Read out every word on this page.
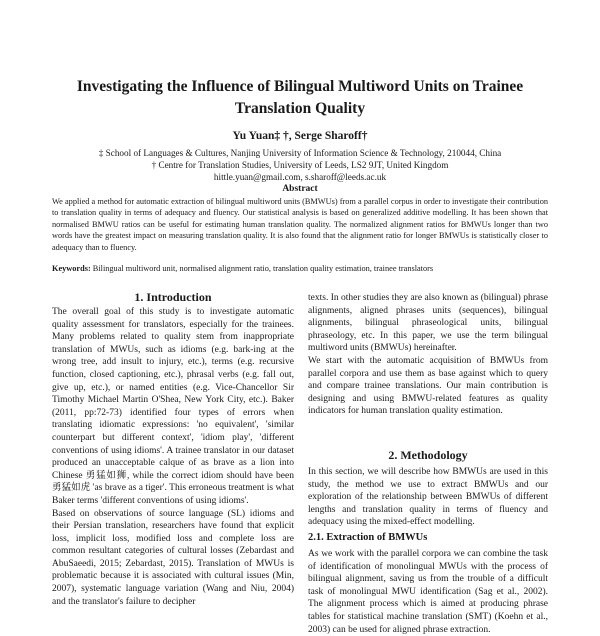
Investigating the Influence of Bilingual Multiword Units on Trainee Translation Quality
Yu Yuan‡ †, Serge Sharoff†
‡ School of Languages & Cultures, Nanjing University of Information Science & Technology, 210044, China
† Centre for Translation Studies, University of Leeds, LS2 9JT, United Kingdom
hittle.yuan@gmail.com, s.sharoff@leeds.ac.uk
Abstract
We applied a method for automatic extraction of bilingual multiword units (BMWUs) from a parallel corpus in order to investigate their contribution to translation quality in terms of adequacy and fluency. Our statistical analysis is based on generalized additive modelling. It has been shown that normalised BMWU ratios can be useful for estimating human translation quality. The normalized alignment ratios for BMWUs longer than two words have the greatest impact on measuring translation quality. It is also found that the alignment ratio for longer BMWUs is statistically closer to adequacy than to fluency.
Keywords: Bilingual multiword unit, normalised alignment ratio, translation quality estimation, trainee translators
1. Introduction

The overall goal of this study is to investigate automatic quality assessment for translators, especially for the trainees. Many problems related to quality stem from inappropriate translation of MWUs, such as idioms (e.g. bark-ing at the wrong tree, add insult to injury, etc.), terms (e.g. recursive function, closed captioning, etc.), phrasal verbs (e.g. fall out, give up, etc.), or named entities (e.g. Vice-Chancellor Sir Timothy Michael Martin O'Shea, New York City, etc.). Baker (2011, pp:72-73) identified four types of errors when translating idiomatic expressions: 'no equivalent', 'similar counterpart but different context', 'idiom play', 'different conventions of using idioms'. A trainee translator in our dataset produced an unacceptable calque of as brave as a lion into Chinese 勇猛如狮, while the correct idiom should have been 勇猛如虎 'as brave as a tiger'. This erroneous treatment is what Baker terms 'different conventions of using idioms'.

Based on observations of source language (SL) idioms and their Persian translation, researchers have found that explicit loss, implicit loss, modified loss and complete loss are common resultant categories of cultural losses (Zebardast and AbuSaeedi, 2015; Zebardast, 2015). Translation of MWUs is problematic because it is associated with cultural issues (Min, 2007), systematic language variation (Wang and Niu, 2004) and the translator's failure to decipher

texts. In other studies they are also known as (bilingual) phrase alignments, aligned phrases units (sequences), bilingual alignments, bilingual phraseological units, bilingual phraseology, etc. In this paper, we use the term bilingual multiword units (BMWUs) hereinafter.

We start with the automatic acquisition of BMWUs from parallel corpora and use them as base against which to query and compare trainee translations. Our main contribution is designing and using BMWU-related features as quality indicators for human translation quality estimation.

2. Methodology

In this section, we will describe how BMWUs are used in this study, the method we use to extract BMWUs and our exploration of the relationship between BMWUs of different lengths and translation quality in terms of fluency and adequacy using the mixed-effect modelling.

2.1. Extraction of BMWUs

As we work with the parallel corpora we can combine the task of identification of monolingual MWUs with the process of bilingual alignment, saving us from the trouble of a difficult task of monolingual MWU identification (Sag et al., 2002). The alignment process which is aimed at producing phrase tables for statistical machine translation (SMT) (Koehn et al., 2003) can be used for aligned phrase extraction.
